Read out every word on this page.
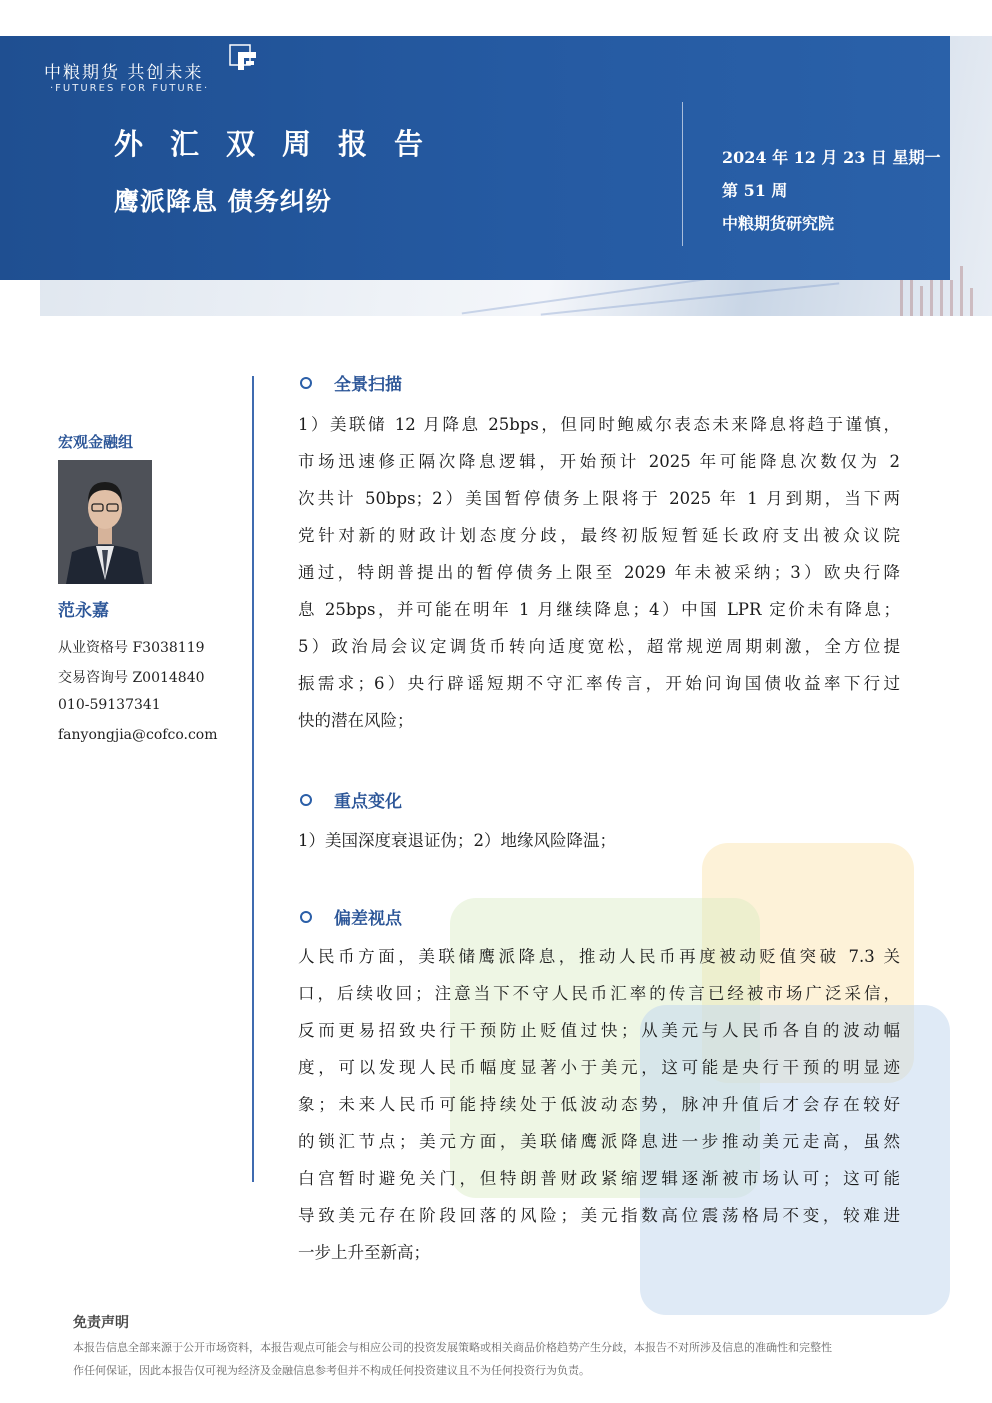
中粮期货 共创未来
·FUTURES FOR FUTURE·
外汇双周报告
鹰派降息 债务纠纷
2024 年 12 月 23 日 星期一
第 51 周
中粮期货研究院
宏观金融组
范永嘉
从业资格号 F3038119
交易咨询号 Z0014840
010-59137341
fanyongjia@cofco.com
全景扫描
1）美联储 12 月降息 25bps，但同时鲍威尔表态未来降息将趋于谨慎，
市场迅速修正隔次降息逻辑，开始预计 2025 年可能降息次数仅为 2
次共计 50bps；2）美国暂停债务上限将于 2025 年 1 月到期，当下两
党针对新的财政计划态度分歧，最终初版短暂延长政府支出被众议院
通过，特朗普提出的暂停债务上限至 2029 年未被采纳；3）欧央行降
息 25bps，并可能在明年 1 月继续降息；4）中国 LPR 定价未有降息；
5）政治局会议定调货币转向适度宽松，超常规逆周期刺激，全方位提
振需求；6）央行辟谣短期不守汇率传言，开始问询国债收益率下行过
快的潜在风险；
重点变化
1）美国深度衰退证伪；2）地缘风险降温；
偏差视点
人民币方面，美联储鹰派降息，推动人民币再度被动贬值突破 7.3 关
口，后续收回；注意当下不守人民币汇率的传言已经被市场广泛采信，
反而更易招致央行干预防止贬值过快；从美元与人民币各自的波动幅
度，可以发现人民币幅度显著小于美元，这可能是央行干预的明显迹
象；未来人民币可能持续处于低波动态势，脉冲升值后才会存在较好
的锁汇节点；美元方面，美联储鹰派降息进一步推动美元走高，虽然
白宫暂时避免关门，但特朗普财政紧缩逻辑逐渐被市场认可；这可能
导致美元存在阶段回落的风险；美元指数高位震荡格局不变，较难进
一步上升至新高；
免责声明
本报告信息全部来源于公开市场资料，本报告观点可能会与相应公司的投资发展策略或相关商品价格趋势产生分歧，本报告不对所涉及信息的准确性和完整性
作任何保证，因此本报告仅可视为经济及金融信息参考但并不构成任何投资建议且不为任何投资行为负责。
